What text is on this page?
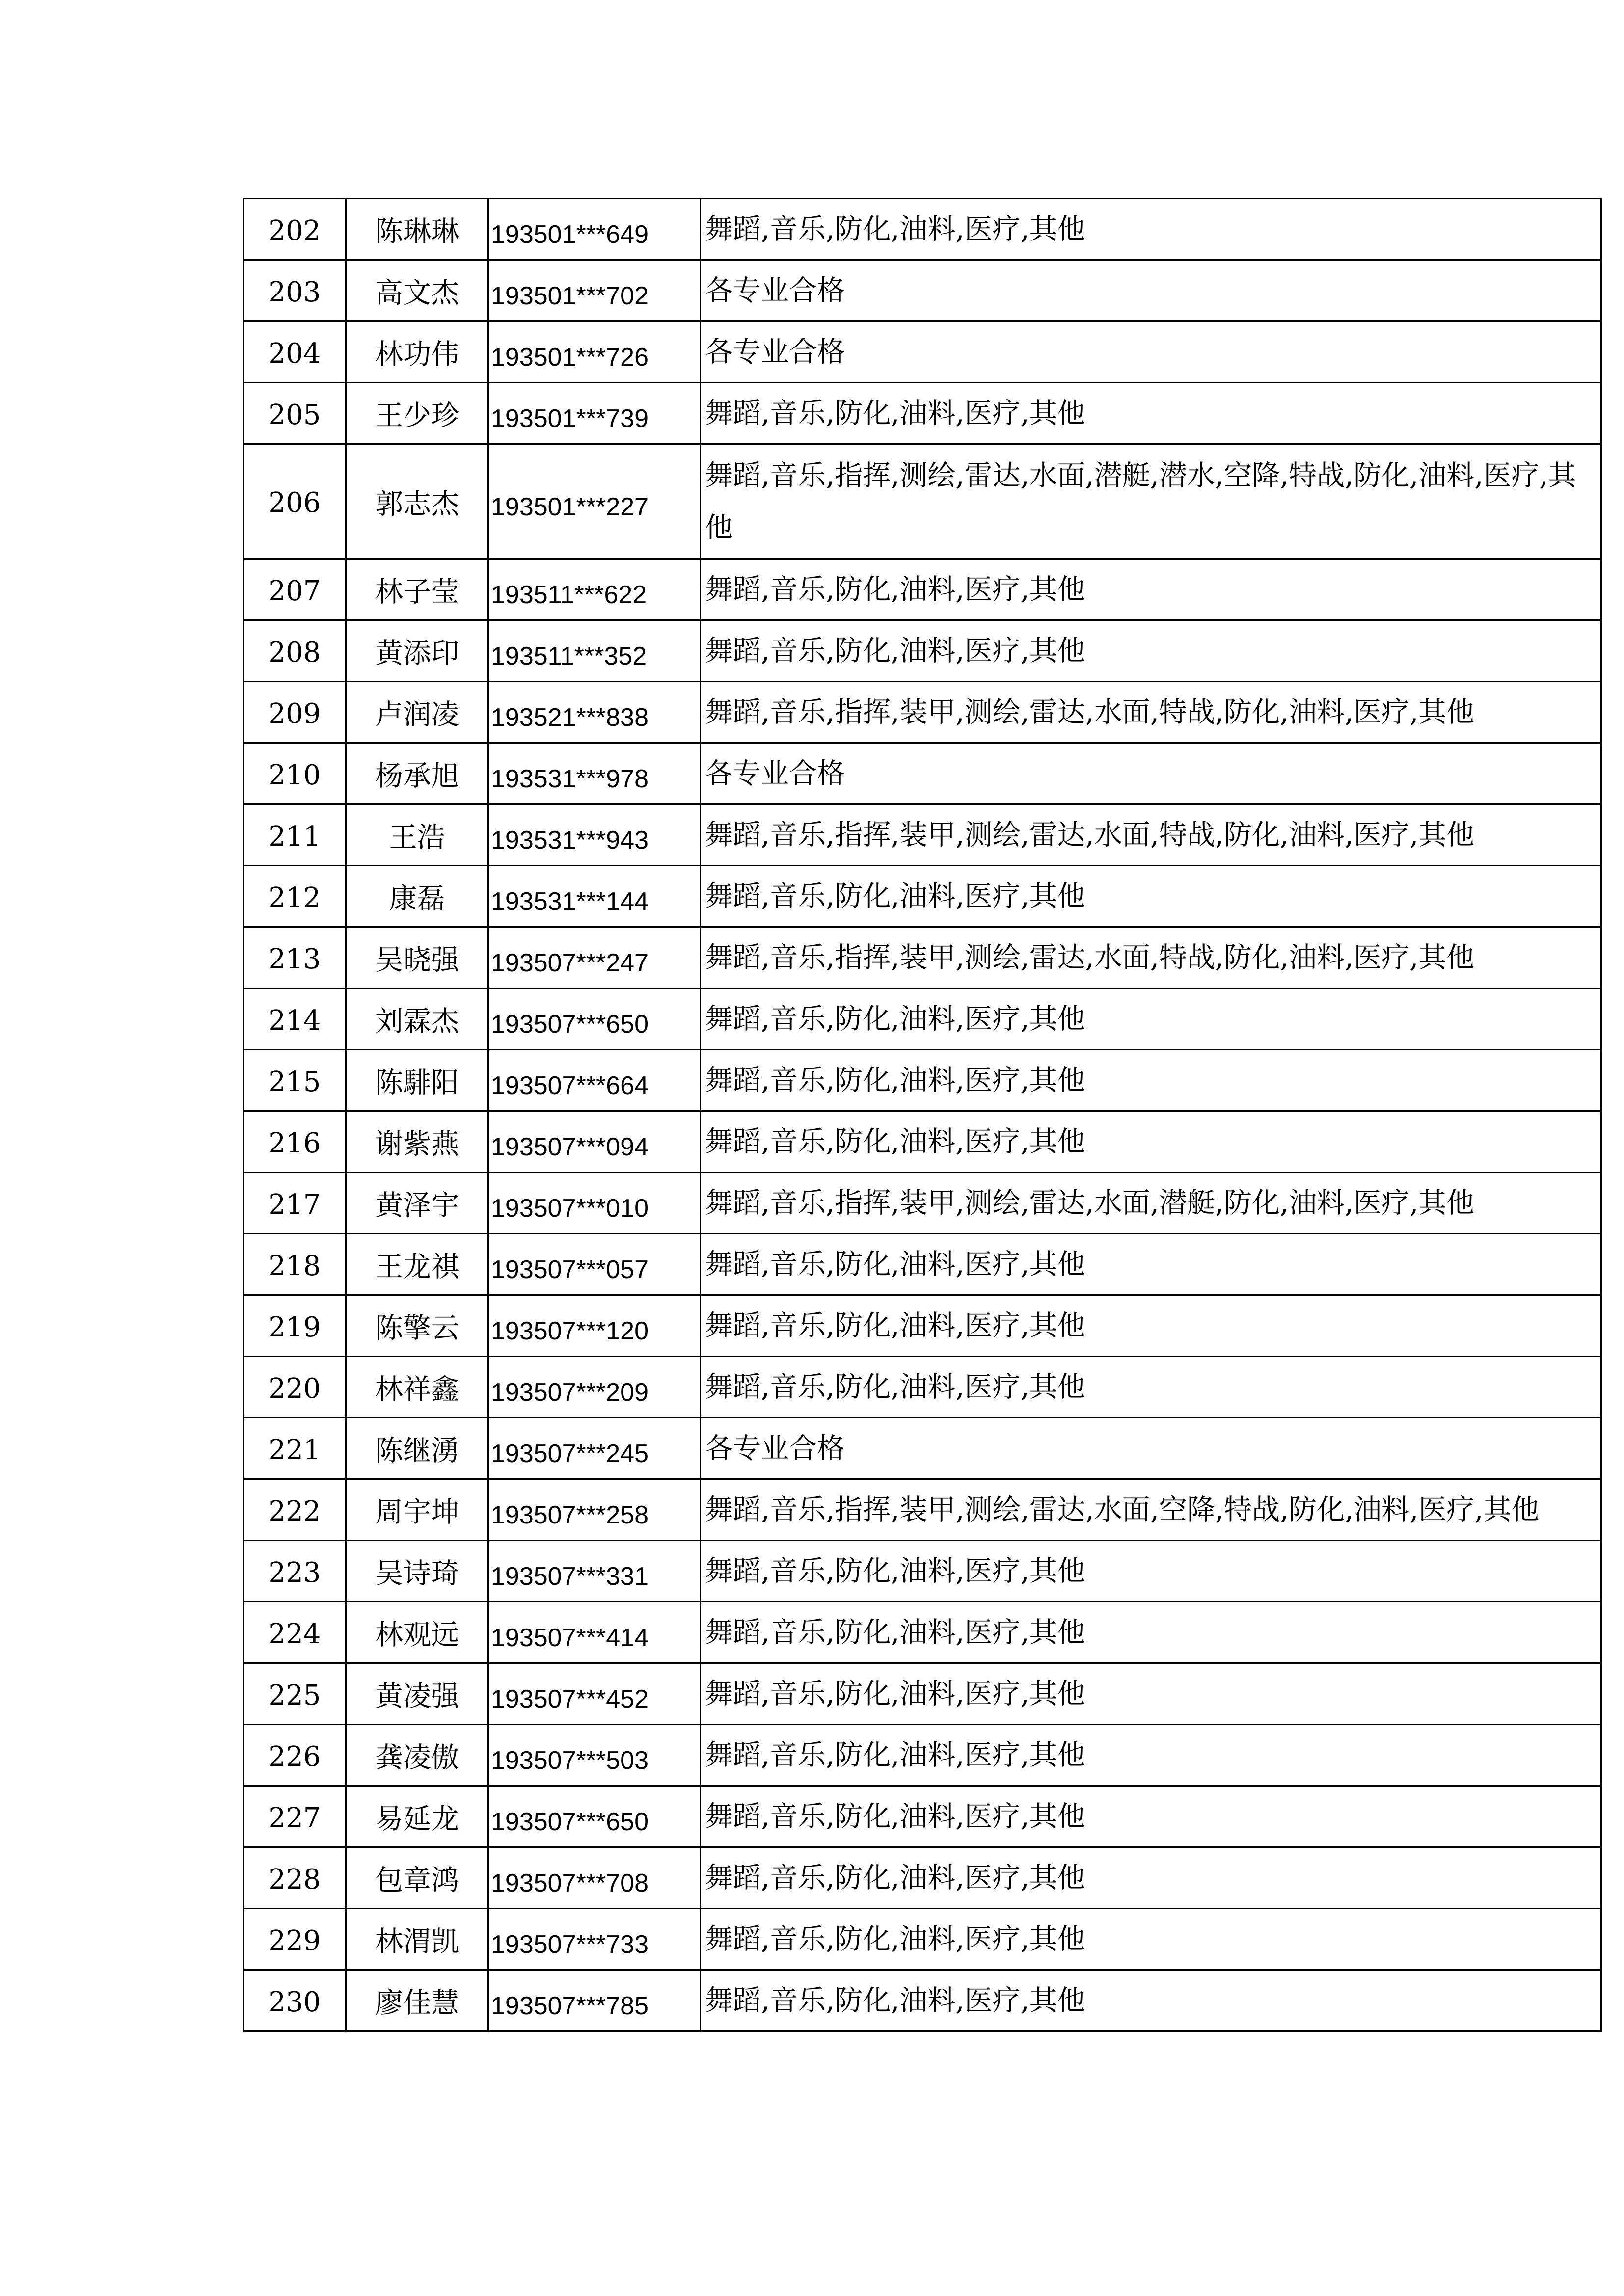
202	陈琳琳	193501***649	舞蹈,音乐,防化,油料,医疗,其他
203	高文杰	193501***702	各专业合格
204	林功伟	193501***726	各专业合格
205	王少珍	193501***739	舞蹈,音乐,防化,油料,医疗,其他
206	郭志杰	193501***227	舞蹈,音乐,指挥,测绘,雷达,水面,潜艇,潜水,空降,特战,防化,油料,医疗,其他
207	林子莹	193511***622	舞蹈,音乐,防化,油料,医疗,其他
208	黄添印	193511***352	舞蹈,音乐,防化,油料,医疗,其他
209	卢润凌	193521***838	舞蹈,音乐,指挥,装甲,测绘,雷达,水面,特战,防化,油料,医疗,其他
210	杨承旭	193531***978	各专业合格
211	王浩	193531***943	舞蹈,音乐,指挥,装甲,测绘,雷达,水面,特战,防化,油料,医疗,其他
212	康磊	193531***144	舞蹈,音乐,防化,油料,医疗,其他
213	吴晓强	193507***247	舞蹈,音乐,指挥,装甲,测绘,雷达,水面,特战,防化,油料,医疗,其他
214	刘霖杰	193507***650	舞蹈,音乐,防化,油料,医疗,其他
215	陈騑阳	193507***664	舞蹈,音乐,防化,油料,医疗,其他
216	谢紫燕	193507***094	舞蹈,音乐,防化,油料,医疗,其他
217	黄泽宇	193507***010	舞蹈,音乐,指挥,装甲,测绘,雷达,水面,潜艇,防化,油料,医疗,其他
218	王龙祺	193507***057	舞蹈,音乐,防化,油料,医疗,其他
219	陈擎云	193507***120	舞蹈,音乐,防化,油料,医疗,其他
220	林祥鑫	193507***209	舞蹈,音乐,防化,油料,医疗,其他
221	陈继湧	193507***245	各专业合格
222	周宇坤	193507***258	舞蹈,音乐,指挥,装甲,测绘,雷达,水面,空降,特战,防化,油料,医疗,其他
223	吴诗琦	193507***331	舞蹈,音乐,防化,油料,医疗,其他
224	林观远	193507***414	舞蹈,音乐,防化,油料,医疗,其他
225	黄凌强	193507***452	舞蹈,音乐,防化,油料,医疗,其他
226	龚凌傲	193507***503	舞蹈,音乐,防化,油料,医疗,其他
227	易延龙	193507***650	舞蹈,音乐,防化,油料,医疗,其他
228	包章鸿	193507***708	舞蹈,音乐,防化,油料,医疗,其他
229	林渭凯	193507***733	舞蹈,音乐,防化,油料,医疗,其他
230	廖佳慧	193507***785	舞蹈,音乐,防化,油料,医疗,其他
